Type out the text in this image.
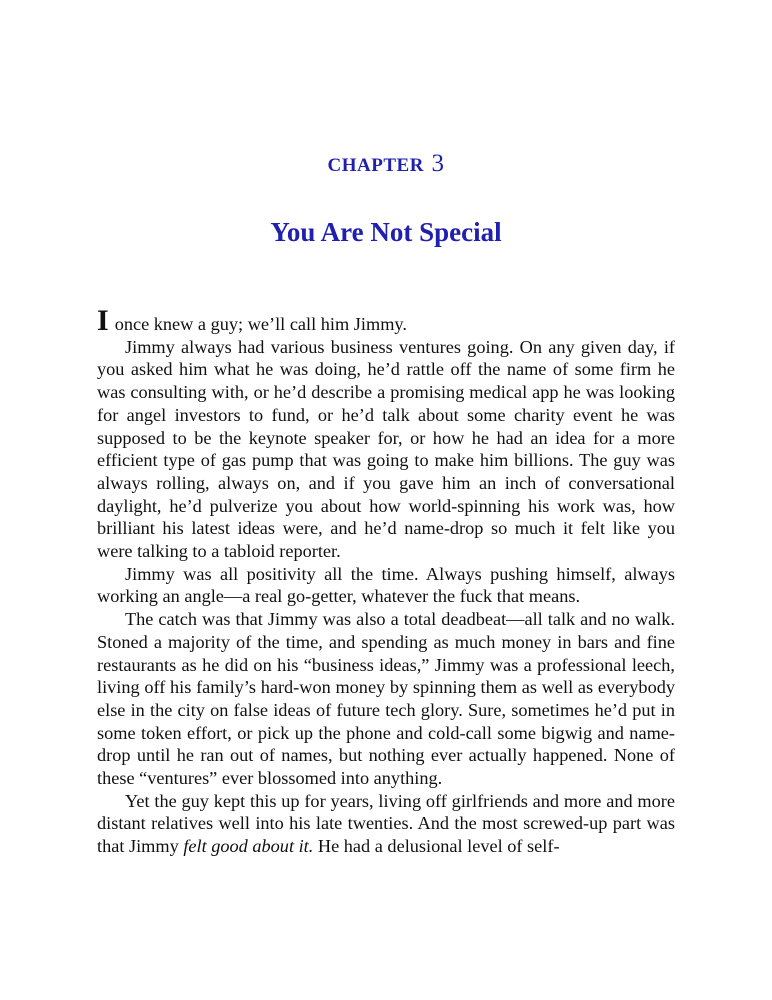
CHAPTER 3
You Are Not Special

Ionce knew a guy; we’ll call him Jimmy.

Jimmy always had various business ventures going. On any given day, if you asked him what he was doing, he’d rattle off the name of some firm he was consulting with, or he’d describe a promising medical app he was looking for angel investors to fund, or he’d talk about some charity event he was supposed to be the keynote speaker for, or how he had an idea for a more efficient type of gas pump that was going to make him billions. The guy was always rolling, always on, and if you gave him an inch of conversational daylight, he’d pulverize you about how world-spinning his work was, how brilliant his latest ideas were, and he’d name-drop so much it felt like you were talking to a tabloid reporter.

Jimmy was all positivity all the time. Always pushing himself, always working an angle—a real go-getter, whatever the fuck that means.

The catch was that Jimmy was also a total deadbeat—all talk and no walk. Stoned a majority of the time, and spending as much money in bars and fine restaurants as he did on his “business ideas,” Jimmy was a professional leech, living off his family’s hard-won money by spinning them as well as everybody else in the city on false ideas of future tech glory. Sure, sometimes he’d put in some token effort, or pick up the phone and cold-call some bigwig and name-drop until he ran out of names, but nothing ever actually happened. None of these “ventures” ever blossomed into anything.

Yet the guy kept this up for years, living off girlfriends and more and more distant relatives well into his late twenties. And the most screwed-up part was that Jimmy felt good about it. He had a delusional level of self-
